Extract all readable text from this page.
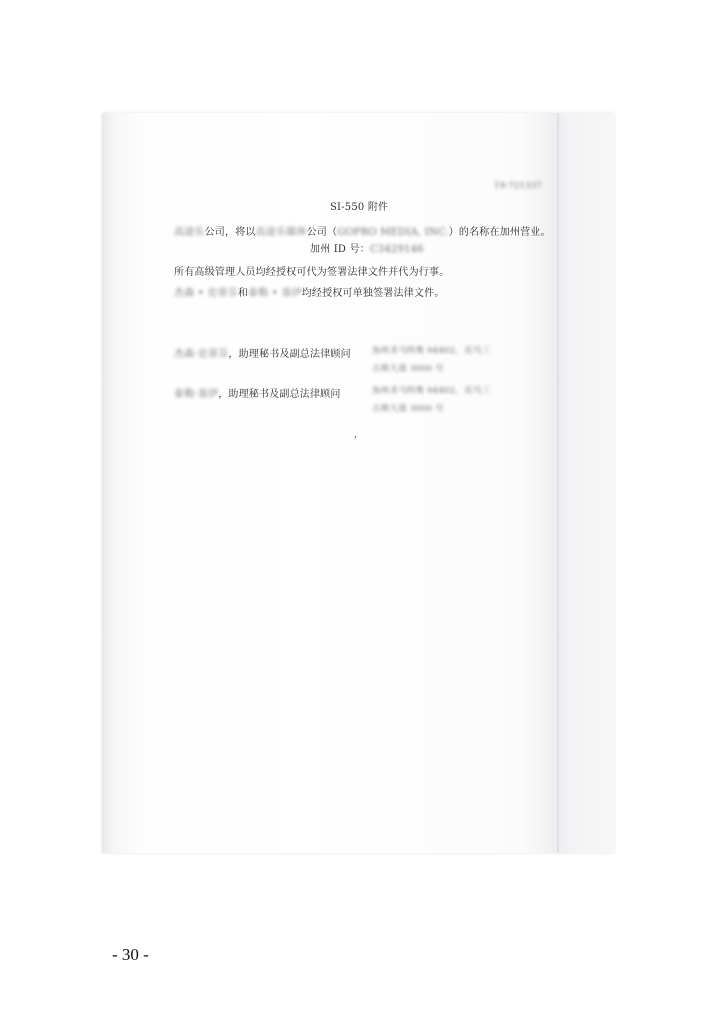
19-721337
SI-550 附件
高途乐公司，将以高途乐媒体公司（GOPRO MEDIA, INC.）的名称在加州营业。
加州 ID 号：C3429146
所有高级管理人员均经授权可代为签署法律文件并代为行事。
杰森 • 史蒂芬和泰勒 • 基伊均经授权可单独签署法律文件。
杰森·史蒂芬，助理秘书及副总法律顾问 加州圣马特奥 94402，克马三
古斯大道 3000 号
泰勒·基伊，助理秘书及副总法律顾问	加州圣马特奥 94402，克马三
古斯大道 3000 号
,
- 30 -
